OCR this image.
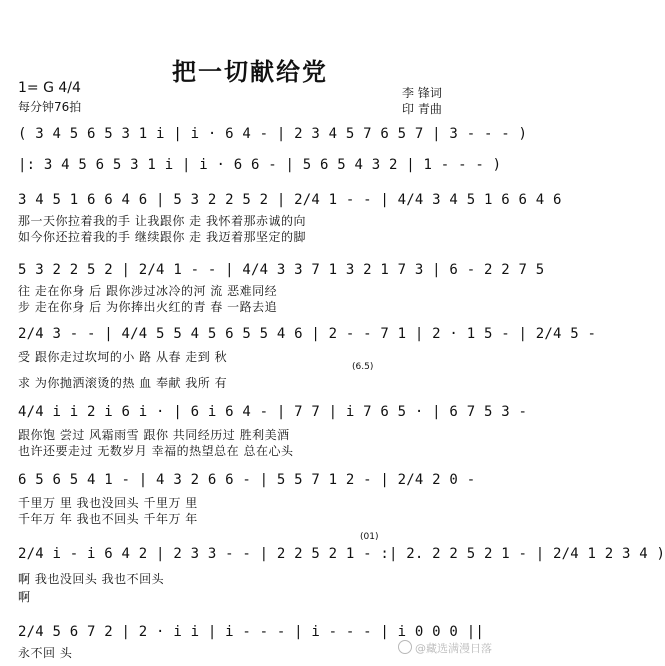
把一切献给党
1= G 4/4
每分钟76拍
李 锋词
印 青曲
( 3 4 5 6 5 3 1 i | i · 6 4 - | 2 3 4 5 7 6 5 7 | 3 - - - )
|: 3 4 5 6 5 3 1 i | i · 6 6 - | 5 6 5 4 3 2 | 1 - - - )
3 4 5 1 6 6 4 6 | 5 3 2 2 5 2 | 2/4 1 - - | 4/4 3 4 5 1 6 6 4 6
那一天你拉着我的手 让我跟你 走 我怀着那赤诚的向
如今你还拉着我的手 继续跟你 走 我迈着那坚定的脚
5 3 2 2 5 2 | 2/4 1 - - | 4/4 3 3 7 1 3 2 1 7 3 | 6 - 2 2 7 5
往 走在你身 后 跟你涉过冰冷的河 流 恶难同经
步 走在你身 后 为你捧出火红的青 春 一路去追
2/4 3 - - | 4/4 5 5 4 5 6 5 5 4 6 | 2 - - 7 1 | 2 · 1 5 - | 2/4 5 -
受 跟你走过坎坷的小 路 从春 走到 秋
求 为你抛洒滚烫的热 血 奉献 我所 有
(6.5)
4/4 i i 2 i 6 i · | 6 i 6 4 - | 7 7 | i 7 6 5 · | 6 7 5 3 -
跟你饱 尝过 风霜雨雪 跟你 共同经历过 胜利美酒
也许还要走过 无数岁月 幸福的热望总在 总在心头
6 5 6 5 4 1 - | 4 3 2 6 6 - | 5 5 7 1 2 - | 2/4 2 0 -
千里万 里 我也没回头 千里万 里
千年万 年 我也不回头 千年万 年
(01)
2/4 i - i 6 4 2 | 2 3 3 - - | 2 2 5 2 1 - :| 2. 2 2 5 2 1 - | 2/4 1 2 3 4 )
啊 我也没回头 我也不回头
啊
2/4 5 6 7 2 | 2 · i i | i - - - | i - - - | i 0 0 0 ||
永不回 头	@藏选满漫日落
